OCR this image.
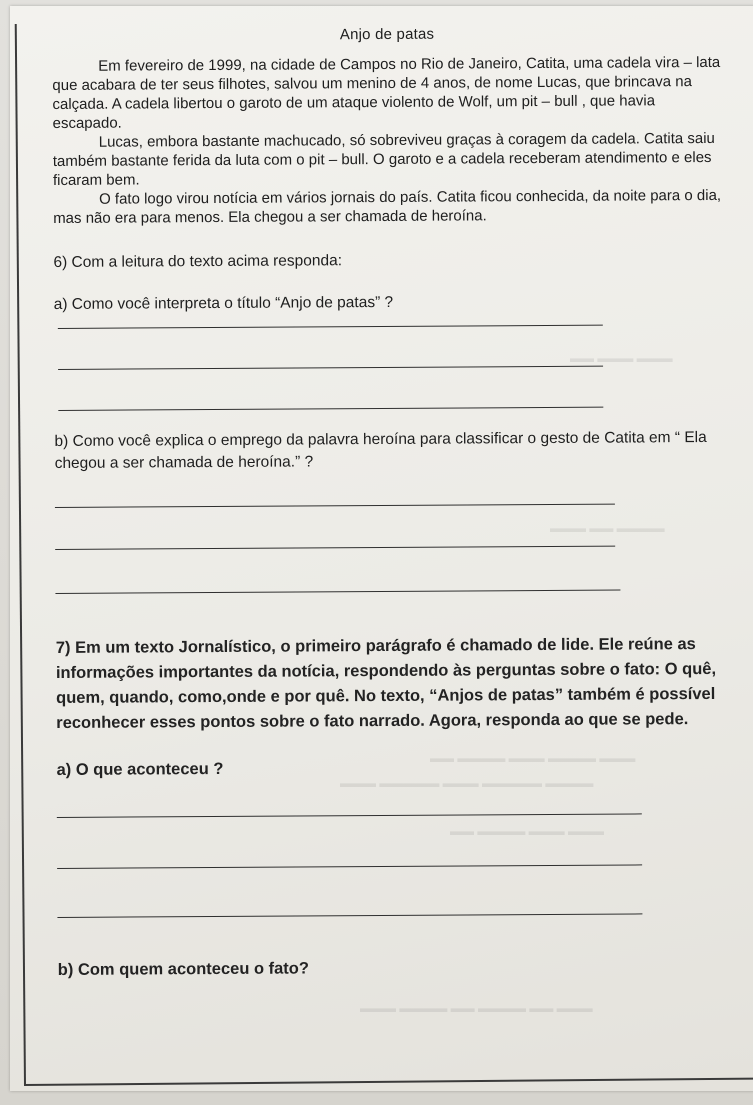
Anjo de patas

Em fevereiro de 1999, na cidade de Campos no Rio de Janeiro, Catita, uma cadela vira – lata que acabara de ter seus filhotes, salvou um menino de 4 anos, de nome Lucas, que brincava na calçada. A cadela libertou o garoto de um ataque violento de Wolf, um pit – bull , que havia escapado.

Lucas, embora bastante machucado, só sobreviveu graças à coragem da cadela. Catita saiu também bastante ferida da luta com o pit – bull. O garoto e a cadela receberam atendimento e eles ficaram bem.

O fato logo virou notícia em vários jornais do país. Catita ficou conhecida, da noite para o dia, mas não era para menos. Ela chegou a ser chamada de heroína.

6) Com a leitura do texto acima responda:

a) Como você interpreta o título “Anjo de patas” ?

b) Como você explica o emprego da palavra heroína para classificar o gesto de Catita em “ Ela chegou a ser chamada de heroína.” ?

7) Em um texto Jornalístico, o primeiro parágrafo é chamado de lide. Ele reúne as informações importantes da notícia, respondendo às perguntas sobre o fato: O quê, quem, quando, como,onde e por quê. No texto, “Anjos de patas” também é possível reconhecer esses pontos sobre o fato narrado. Agora, responda ao que se pede.

a) O que aconteceu ?

b) Com quem aconteceu o fato?

▬▬▬ ▬▬▬ ▬▬
▬▬▬▬ ▬▬ ▬▬▬
▬▬▬ ▬▬▬▬ ▬▬▬ ▬▬▬▬ ▬▬
▬▬▬▬ ▬▬▬▬▬ ▬▬▬ ▬▬▬▬▬ ▬▬▬
▬▬▬ ▬▬▬ ▬▬▬▬ ▬▬
▬▬▬ ▬▬ ▬▬▬▬ ▬▬ ▬▬▬▬ ▬▬▬
